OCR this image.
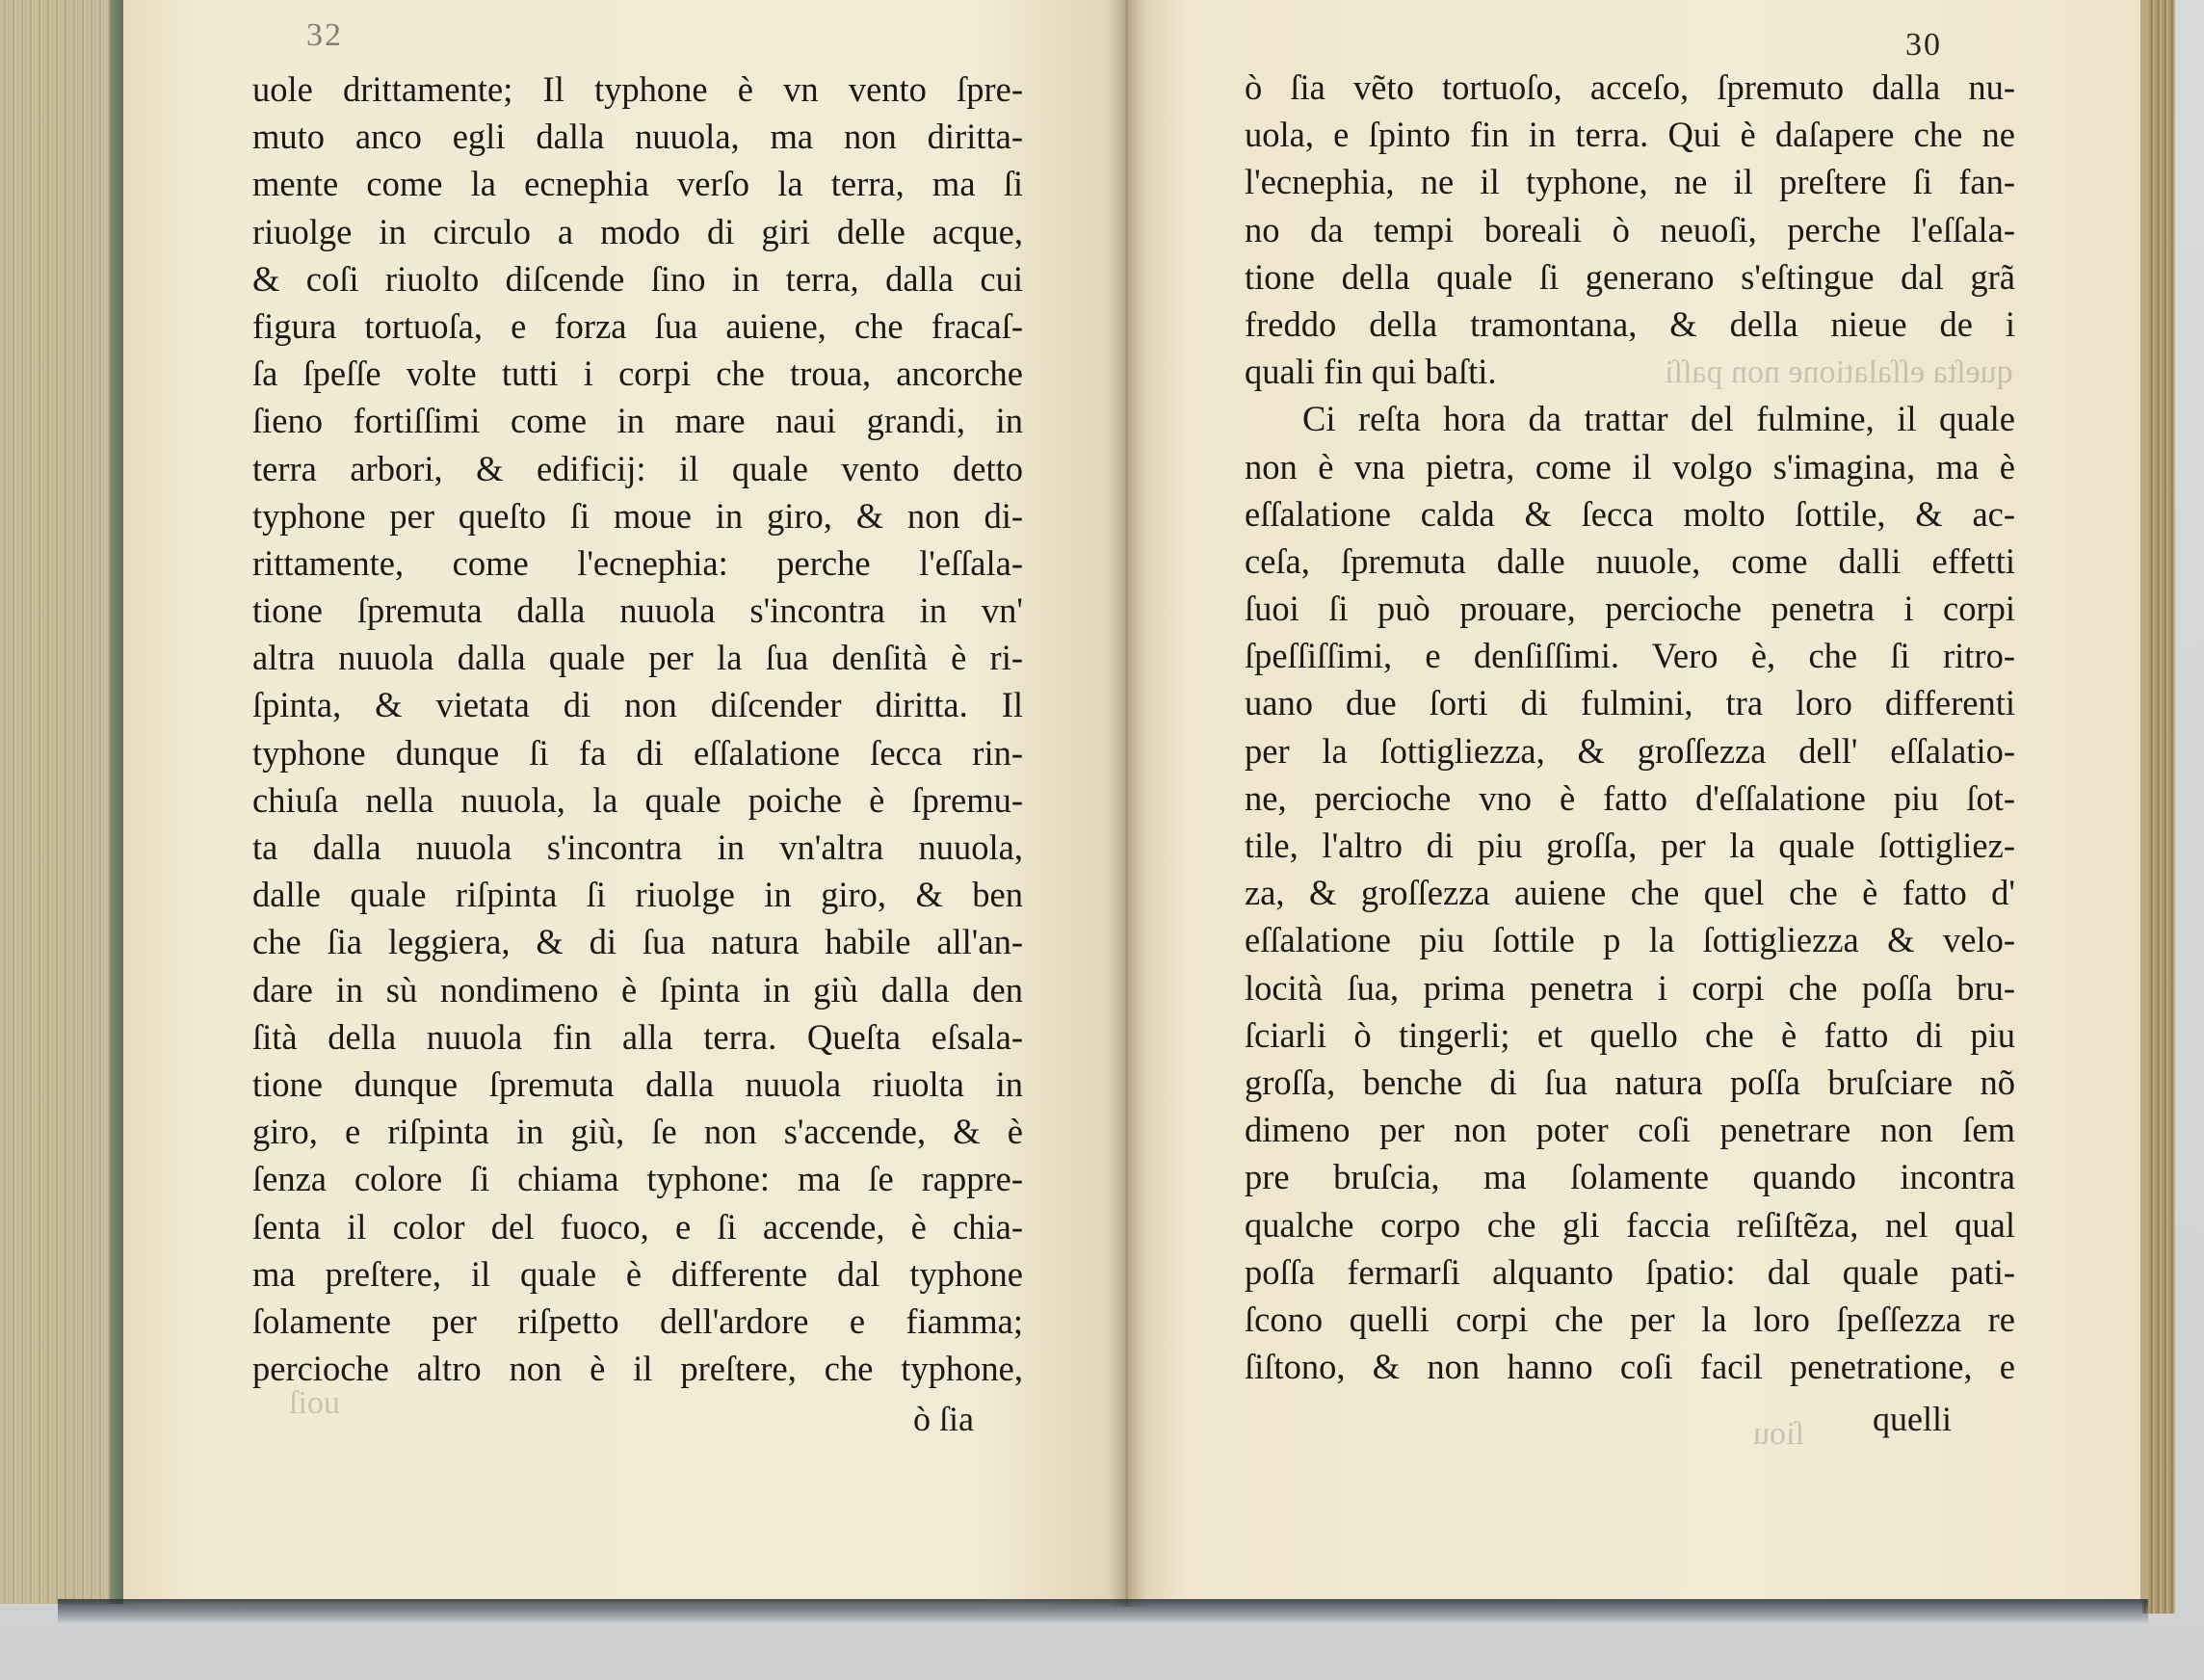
32	30
ſiou
queſta eſſalatione non paſſi
ſiou
uole drittamente; Il typhone è vn vento ſpre-
muto anco egli dalla nuuola, ma non diritta-
mente come la ecnephia verſo la terra, ma ſi
riuolge in circulo a modo di giri delle acque,
& coſi riuolto diſcende ſino in terra, dalla cui
figura tortuoſa, e forza ſua auiene, che fracaſ-
ſa ſpeſſe volte tutti i corpi che troua, ancorche
ſieno fortiſſimi come in mare naui grandi, in
terra arbori, & edificij: il quale vento detto
typhone per queſto ſi moue in giro, & non di-
rittamente, come l'ecnephia: perche l'eſſala-
tione ſpremuta dalla nuuola s'incontra in vn'
altra nuuola dalla quale per la ſua denſità è ri-
ſpinta, & vietata di non diſcender diritta. Il
typhone dunque ſi fa di eſſalatione ſecca rin-
chiuſa nella nuuola, la quale poiche è ſpremu-
ta dalla nuuola s'incontra in vn'altra nuuola,
dalle quale riſpinta ſi riuolge in giro, & ben
che ſia leggiera, & di ſua natura habile all'an-
dare in sù nondimeno è ſpinta in giù dalla den
ſità della nuuola fin alla terra. Queſta eſsala-
tione dunque ſpremuta dalla nuuola riuolta in
giro, e riſpinta in giù, ſe non s'accende, & è
ſenza colore ſi chiama typhone: ma ſe rappre-
ſenta il color del fuoco, e ſi accende, è chia-
ma preſtere, il quale è differente dal typhone
ſolamente per riſpetto dell'ardore e fiamma;
percioche altro non è il preſtere, che typhone,
ò ſia vẽto tortuoſo, acceſo, ſpremuto dalla nu-
uola, e ſpinto fin in terra. Qui è daſapere che ne
l'ecnephia, ne il typhone, ne il preſtere ſi fan-
no da tempi boreali ò neuoſi, perche l'eſſala-
tione della quale ſi generano s'eſtingue dal grã
freddo della tramontana, & della nieue de i
quali fin qui baſti.
Ci reſta hora da trattar del fulmine, il quale
non è vna pietra, come il volgo s'imagina, ma è
eſſalatione calda & ſecca molto ſottile, & ac-
ceſa, ſpremuta dalle nuuole, come dalli effetti
ſuoi ſi può prouare, percioche penetra i corpi
ſpeſſiſſimi, e denſiſſimi. Vero è, che ſi ritro-
uano due ſorti di fulmini, tra loro differenti
per la ſottigliezza, & groſſezza dell' eſſalatio-
ne, percioche vno è fatto d'eſſalatione piu ſot-
tile, l'altro di piu groſſa, per la quale ſottigliez-
za, & groſſezza auiene che quel che è fatto d'
eſſalatione piu ſottile p la ſottigliezza & velo-
locità ſua, prima penetra i corpi che poſſa bru-
ſciarli ò tingerli; et quello che è fatto di piu
groſſa, benche di ſua natura poſſa bruſciare nõ
dimeno per non poter coſi penetrare non ſem
pre bruſcia, ma ſolamente quando incontra
qualche corpo che gli faccia reſiſtẽza, nel qual
poſſa fermarſi alquanto ſpatio: dal quale pati-
ſcono quelli corpi che per la loro ſpeſſezza re
ſiſtono, & non hanno coſi facil penetratione, e
ò ſia	quelli
